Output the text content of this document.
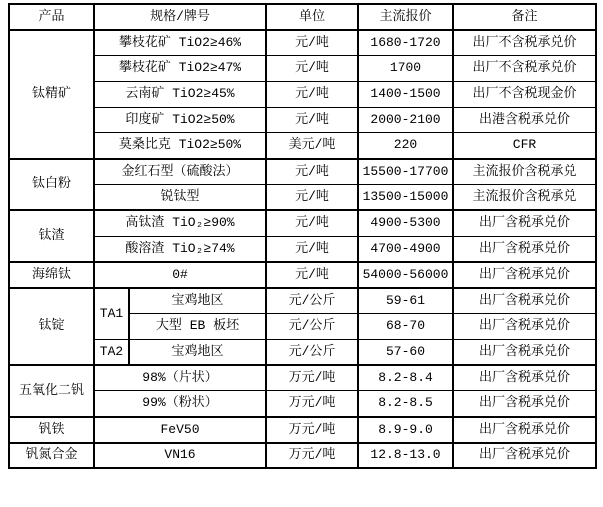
产品	规格/牌号		单位	主流报价	备注
钛精矿	攀枝花矿 TiO2≥46%		元/吨	1680-1720	出厂不含税承兑价
	攀枝花矿 TiO2≥47%		元/吨	1700	出厂不含税承兑价
	云南矿 TiO2≥45%		元/吨	1400-1500	出厂不含税现金价
	印度矿 TiO2≥50%		元/吨	2000-2100	出港含税承兑价
	莫桑比克 TiO2≥50%		美元/吨	220	CFR
钛白粉	金红石型（硫酸法）		元/吨	15500-17700	主流报价含税承兑
	锐钛型		元/吨	13500-15000	主流报价含税承兑
钛渣	高钛渣 TiO₂≥90%		元/吨	4900-5300	出厂含税承兑价
	酸溶渣 TiO₂≥74%		元/吨	4700-4900	出厂含税承兑价
海绵钛	0#		元/吨	54000-56000	出厂含税承兑价
钛锭	TA1	宝鸡地区	元/公斤	59-61	出厂含税承兑价
		大型 EB 板坯	元/公斤	68-70	出厂含税承兑价
	TA2	宝鸡地区	元/公斤	57-60	出厂含税承兑价
五氧化二钒	98%（片状）		万元/吨	8.2-8.4	出厂含税承兑价
	99%（粉状）		万元/吨	8.2-8.5	出厂含税承兑价
钒铁	FeV50		万元/吨	8.9-9.0	出厂含税承兑价
钒氮合金	VN16		万元/吨	12.8-13.0	出厂含税承兑价
